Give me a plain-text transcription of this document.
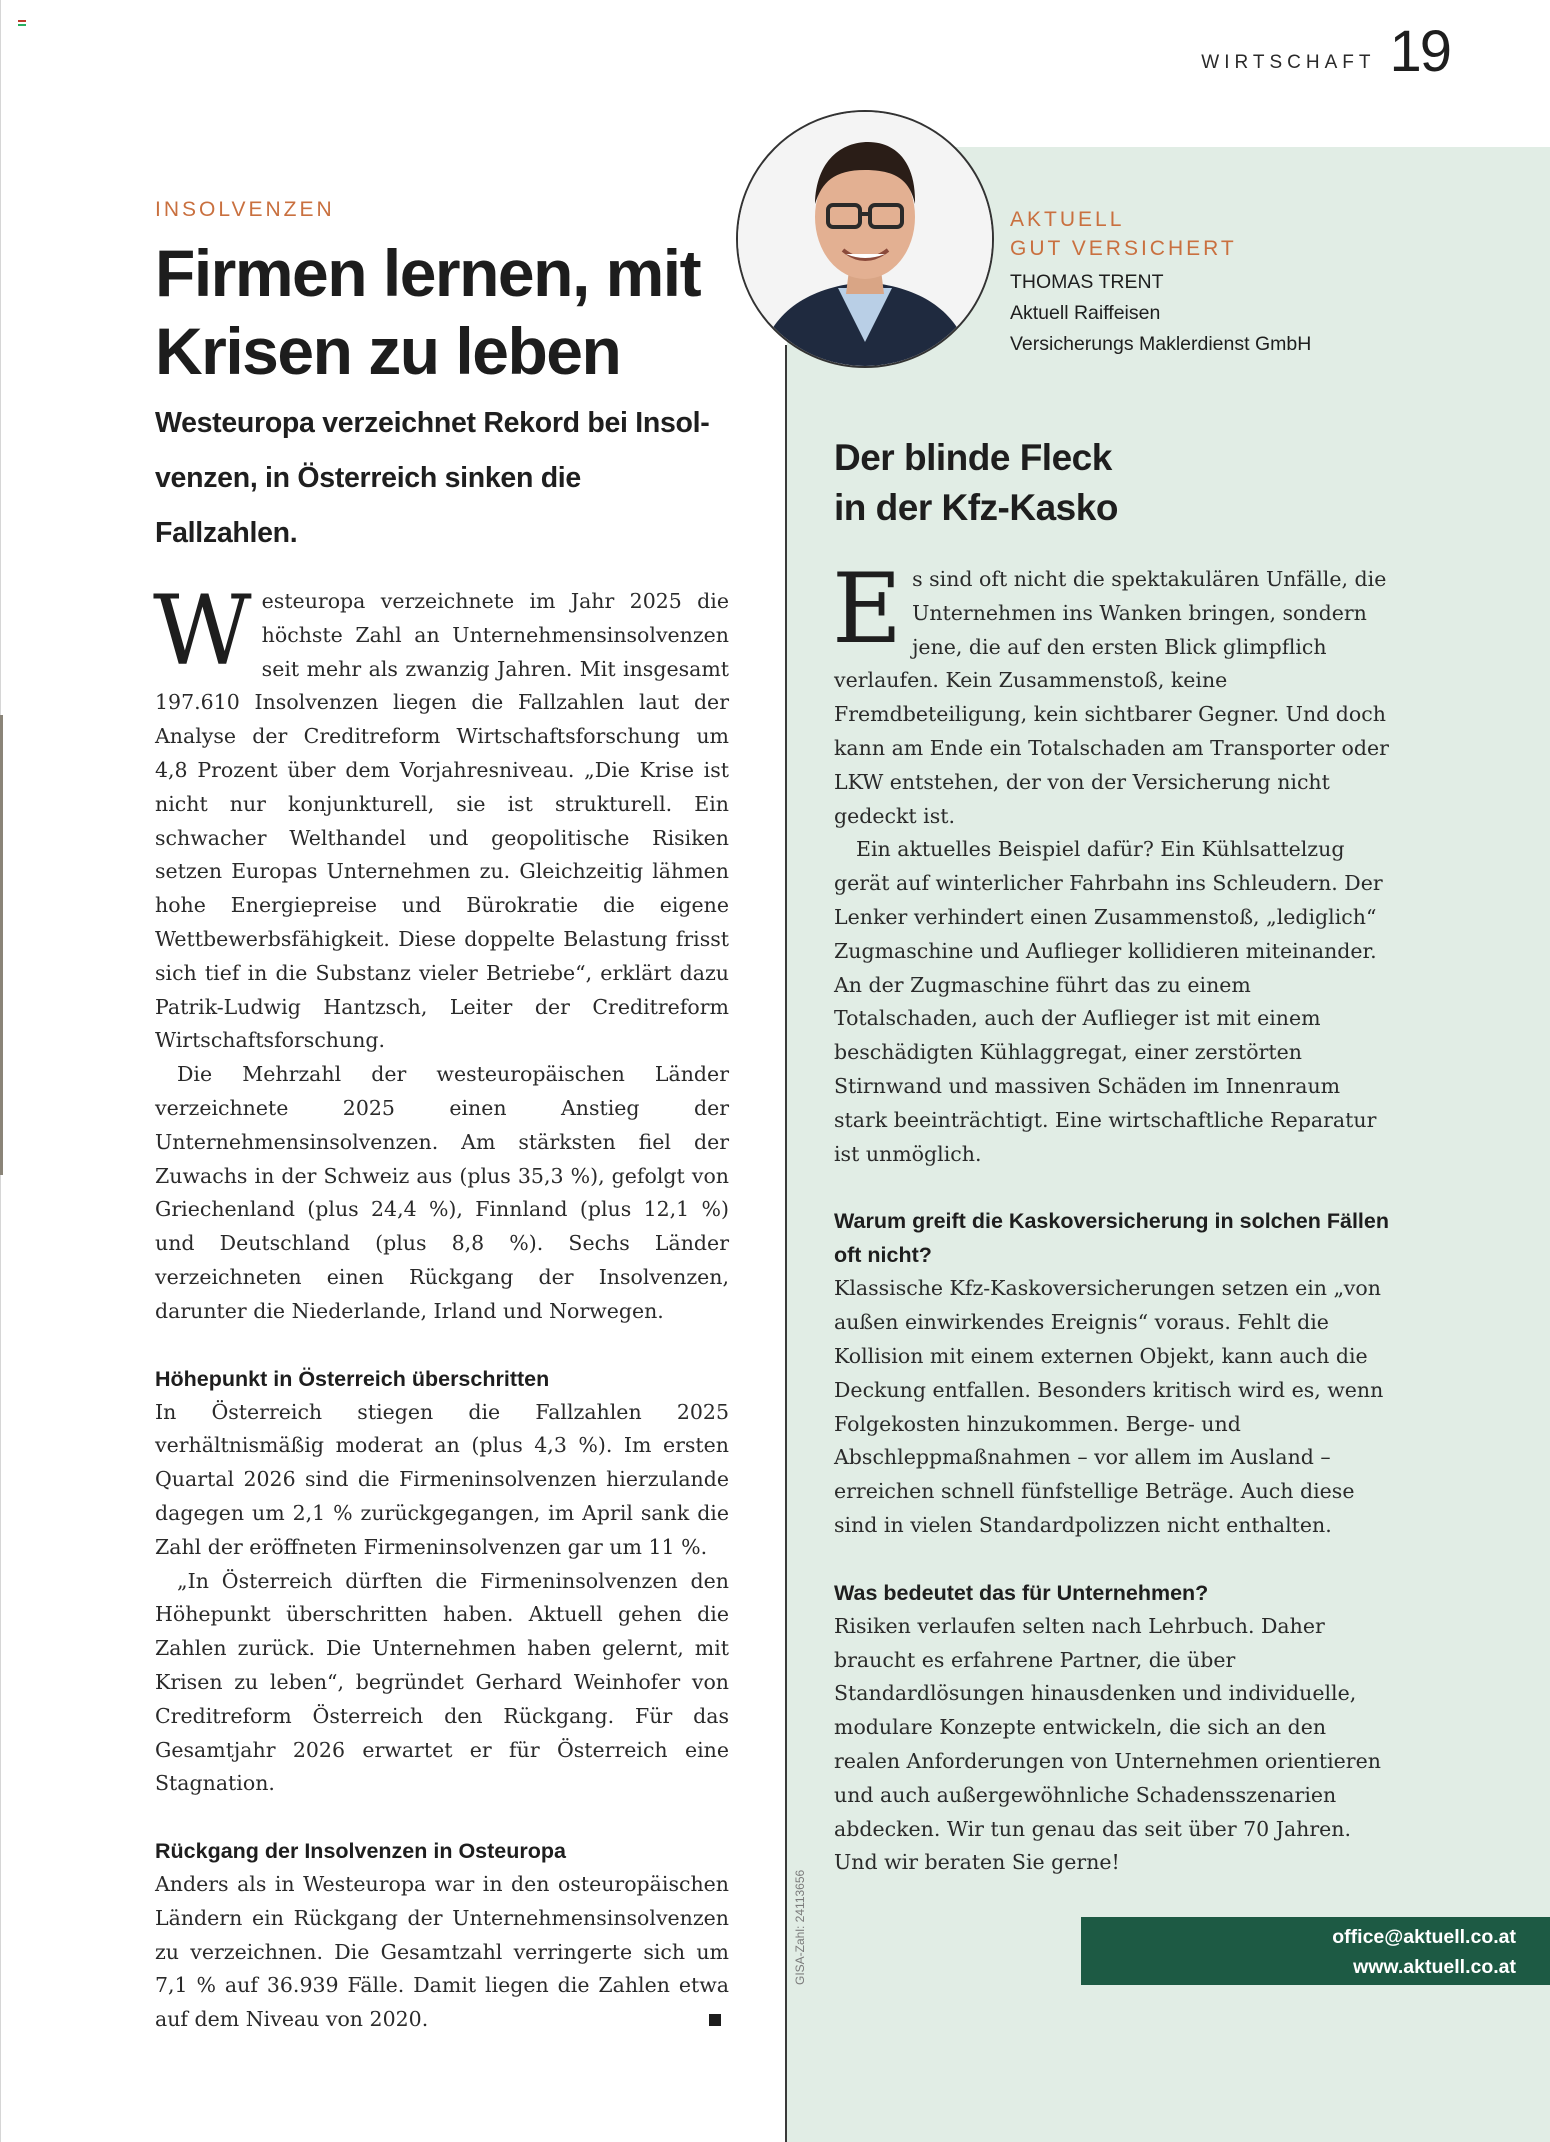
WIRTSCHAFT 19

INSOLVENZEN

Firmen lernen, mit
Krisen zu leben
Westeuropa verzeichnet Rekord bei Insol-
venzen, in Österreich sinken die Fallzahlen.

Westeuropa verzeichnete im Jahr 2025 die höchste Zahl an Unternehmensinsolvenzen seit mehr als zwanzig Jahren. Mit insgesamt 197.610 Insolvenzen liegen die Fallzahlen laut der Analyse der Creditreform Wirtschaftsforschung um 4,8 Prozent über dem Vorjahresniveau. „Die Krise ist nicht nur konjunkturell, sie ist strukturell. Ein schwacher Welthandel und geopolitische Risiken setzen Europas Unternehmen zu. Gleichzeitig lähmen hohe Energiepreise und Bürokratie die eigene Wettbewerbsfähigkeit. Diese doppelte Belastung frisst sich tief in die Substanz vieler Betriebe“, erklärt dazu Patrik-Ludwig Hantzsch, Leiter der Creditreform Wirtschaftsforschung.

Die Mehrzahl der westeuropäischen Länder verzeichnete 2025 einen Anstieg der Unternehmensinsolvenzen. Am stärksten fiel der Zuwachs in der Schweiz aus (plus 35,3 %), gefolgt von Griechenland (plus 24,4 %), Finnland (plus 12,1 %) und Deutschland (plus 8,8 %). Sechs Länder verzeichneten einen Rückgang der Insolvenzen, darunter die Niederlande, Irland und Norwegen.

Höhepunkt in Österreich überschritten

In Österreich stiegen die Fallzahlen 2025 verhältnismäßig moderat an (plus 4,3 %). Im ersten Quartal 2026 sind die Firmeninsolvenzen hierzulande dagegen um 2,1 % zurückgegangen, im April sank die Zahl der eröffneten Firmeninsolvenzen gar um 11 %.

„In Österreich dürften die Firmeninsolvenzen den Höhepunkt überschritten haben. Aktuell gehen die Zahlen zurück. Die Unternehmen haben gelernt, mit Krisen zu leben“, begründet Gerhard Weinhofer von Creditreform Österreich den Rückgang. Für das Gesamtjahr 2026 erwartet er für Österreich eine Stagnation.

Rückgang der Insolvenzen in Osteuropa

Anders als in Westeuropa war in den osteuropäischen Ländern ein Rückgang der Unternehmensinsolvenzen zu verzeichnen. Die Gesamtzahl verringerte sich um 7,1 % auf 36.939 Fälle. Damit liegen die Zahlen etwa auf dem Niveau von 2020.

AKTUELL
GUT VERSICHERT

THOMAS TRENT

Aktuell Raiffeisen

Versicherungs Maklerdienst GmbH

Der blinde Fleck
in der Kfz-Kasko

Es sind oft nicht die spektakulären Unfälle, die Unternehmen ins Wanken bringen, sondern jene, die auf den ersten Blick glimpflich verlaufen. Kein Zusammenstoß, keine Fremdbeteiligung, kein sichtbarer Gegner. Und doch kann am Ende ein Totalschaden am Transporter oder LKW entstehen, der von der Versicherung nicht gedeckt ist.

Ein aktuelles Beispiel dafür? Ein Kühlsattelzug gerät auf winterlicher Fahrbahn ins Schleudern. Der Lenker verhindert einen Zusammenstoß, „lediglich“ Zugmaschine und Auflieger kollidieren miteinander. An der Zugmaschine führt das zu einem Totalschaden, auch der Auflieger ist mit einem beschädigten Kühlaggregat, einer zerstörten Stirnwand und massiven Schäden im Innenraum stark beeinträchtigt. Eine wirtschaftliche Reparatur ist unmöglich.

Warum greift die Kaskoversicherung in solchen Fällen oft nicht?

Klassische Kfz-Kaskoversicherungen setzen ein „von außen einwirkendes Ereignis“ voraus. Fehlt die Kollision mit einem externen Objekt, kann auch die Deckung entfallen. Besonders kritisch wird es, wenn Folgekosten hinzukommen. Berge- und Abschleppmaßnahmen – vor allem im Ausland – erreichen schnell fünfstellige Beträge. Auch diese sind in vielen Standardpolizzen nicht enthalten.

Was bedeutet das für Unternehmen?

Risiken verlaufen selten nach Lehrbuch. Daher braucht es erfahrene Partner, die über Standardlösungen hinausdenken und individuelle, modulare Konzepte entwickeln, die sich an den realen Anforderungen von Unternehmen orientieren und auch außergewöhnliche Schadensszenarien abdecken. Wir tun genau das seit über 70 Jahren. Und wir beraten Sie gerne!

GISA-Zahl: 24113656	office@aktuell.co.at
www.aktuell.co.at
